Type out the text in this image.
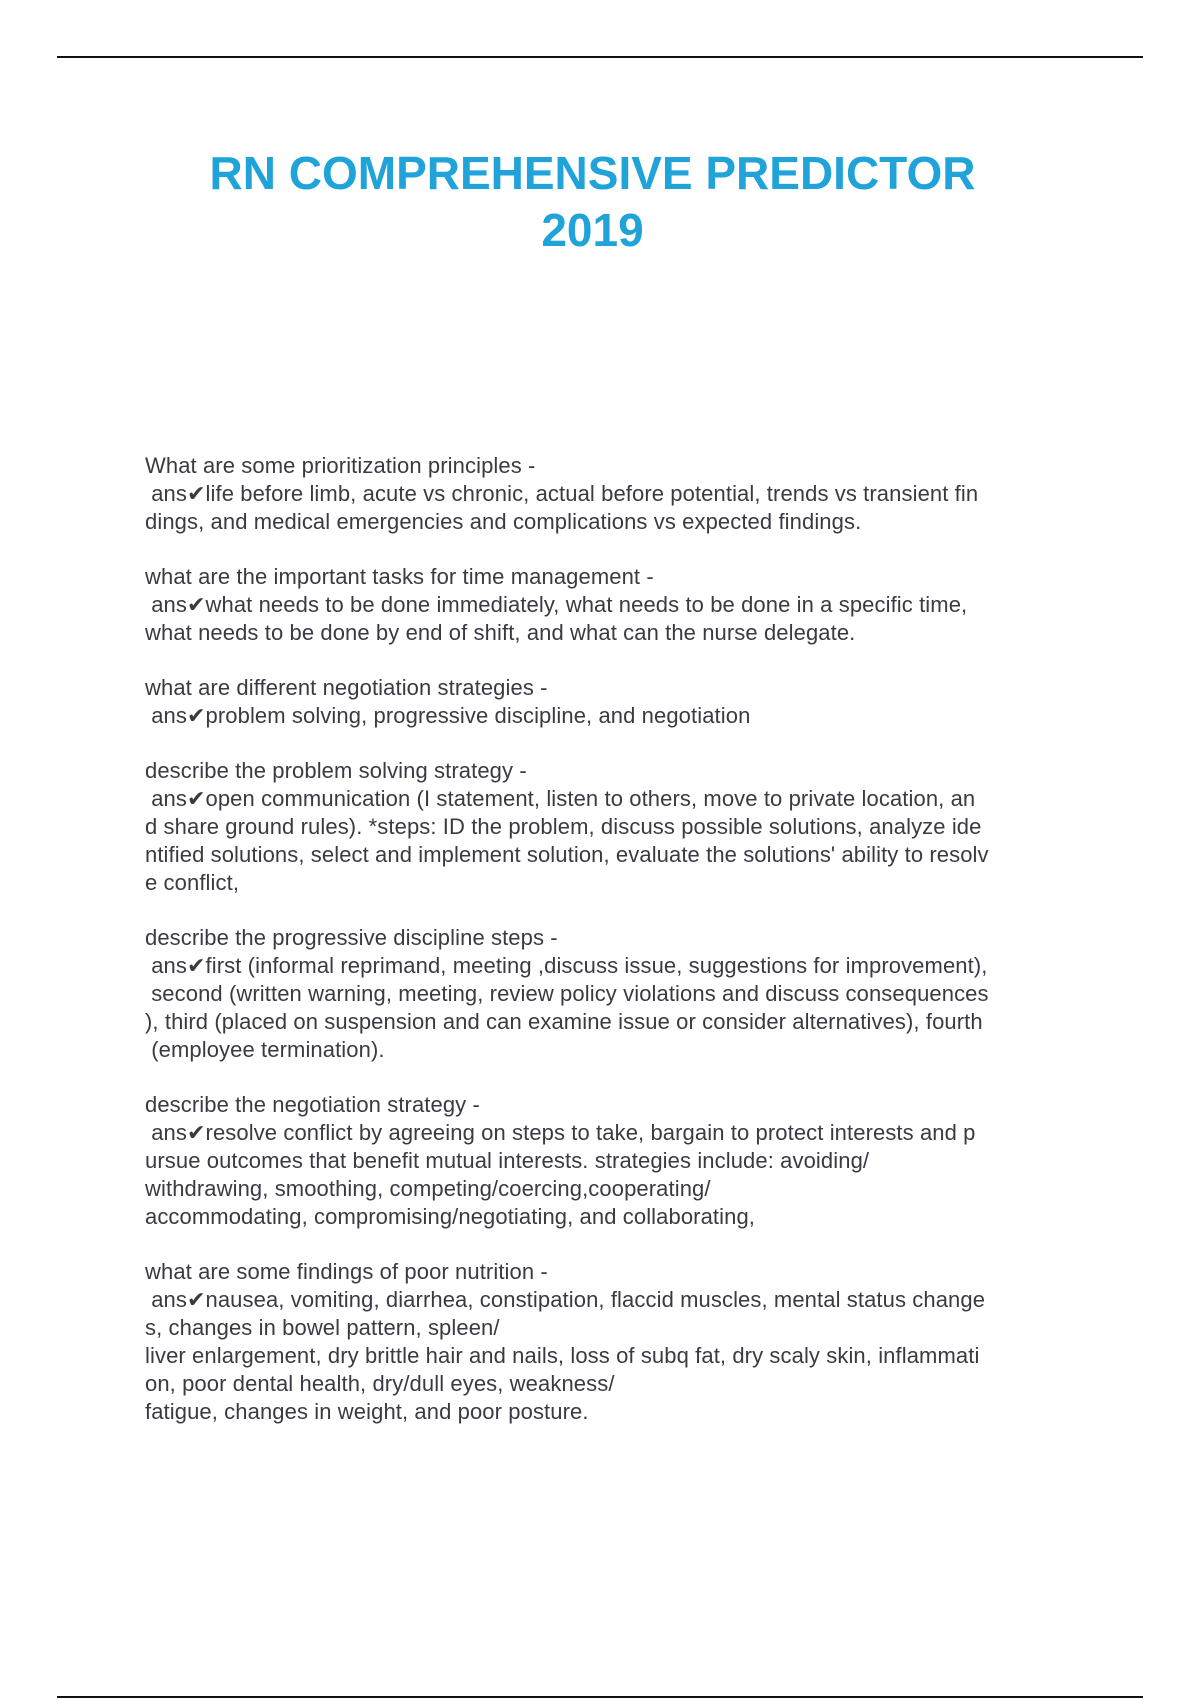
RN COMPREHENSIVE PREDICTOR
2019
What are some prioritization principles -
ans✔life before limb, acute vs chronic, actual before potential, trends vs transient fin
dings, and medical emergencies and complications vs expected findings.
what are the important tasks for time management -
ans✔what needs to be done immediately, what needs to be done in a specific time,
what needs to be done by end of shift, and what can the nurse delegate.
what are different negotiation strategies -
ans✔problem solving, progressive discipline, and negotiation
describe the problem solving strategy -
ans✔open communication (I statement, listen to others, move to private location, an
d share ground rules). *steps: ID the problem, discuss possible solutions, analyze ide
ntified solutions, select and implement solution, evaluate the solutions' ability to resolv
e conflict,
describe the progressive discipline steps -
ans✔first (informal reprimand, meeting ,discuss issue, suggestions for improvement),
second (written warning, meeting, review policy violations and discuss consequences
), third (placed on suspension and can examine issue or consider alternatives), fourth
(employee termination).
describe the negotiation strategy -
ans✔resolve conflict by agreeing on steps to take, bargain to protect interests and p
ursue outcomes that benefit mutual interests. strategies include: avoiding/
withdrawing, smoothing, competing/coercing,cooperating/
accommodating, compromising/negotiating, and collaborating,
what are some findings of poor nutrition -
ans✔nausea, vomiting, diarrhea, constipation, flaccid muscles, mental status change
s, changes in bowel pattern, spleen/
liver enlargement, dry brittle hair and nails, loss of subq fat, dry scaly skin, inflammati
on, poor dental health, dry/dull eyes, weakness/
fatigue, changes in weight, and poor posture.
